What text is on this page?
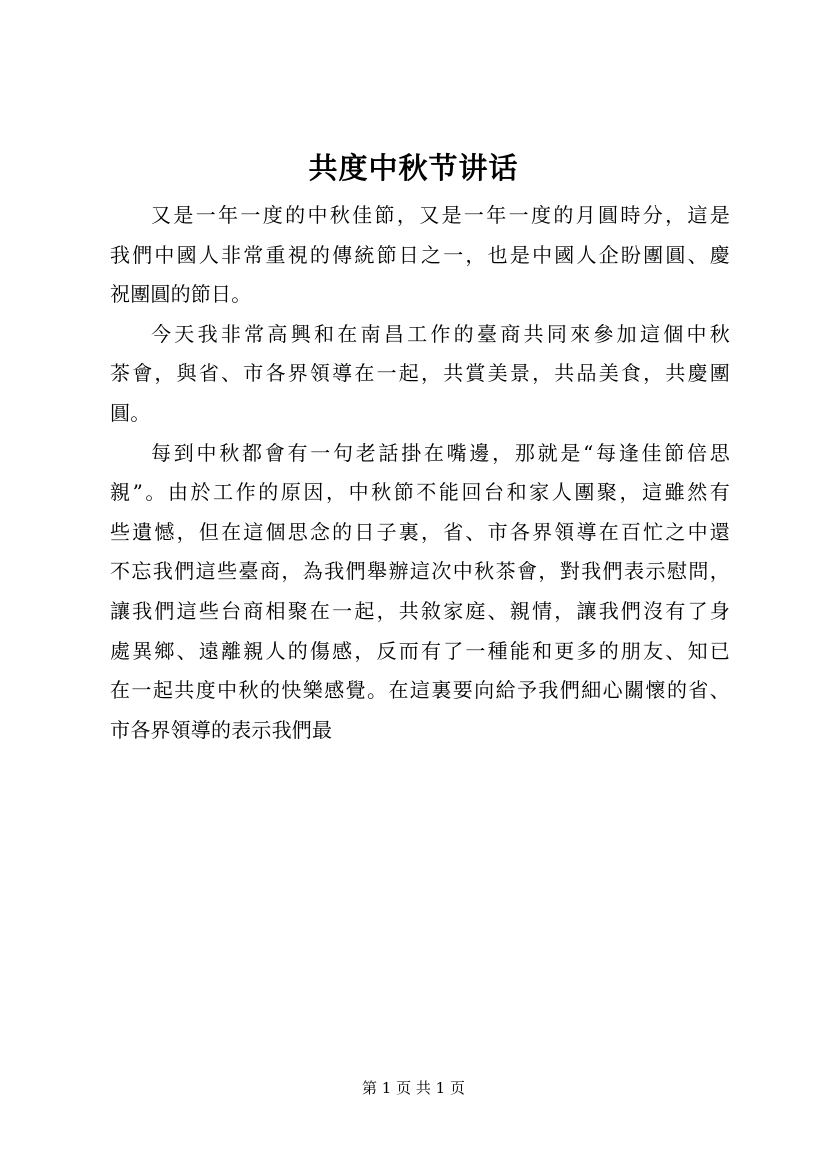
共度中秋节讲话
又是一年一度的中秋佳節，又是一年一度的月圓時分，這是
我們中國人非常重視的傳統節日之一，也是中國人企盼團圓、慶
祝團圓的節日。
今天我非常高興和在南昌工作的臺商共同來參加這個中秋
茶會，與省、市各界領導在一起，共賞美景，共品美食，共慶團
圓。
每到中秋都會有一句老話掛在嘴邊，那就是“每逢佳節倍思
親”。由於工作的原因，中秋節不能回台和家人團聚，這雖然有
些遺憾，但在這個思念的日子裏，省、市各界領導在百忙之中還
不忘我們這些臺商，為我們舉辦這次中秋茶會，對我們表示慰問，
讓我們這些台商相聚在一起，共敘家庭、親情，讓我們沒有了身
處異鄉、遠離親人的傷感，反而有了一種能和更多的朋友、知已
在一起共度中秋的快樂感覺。在這裏要向給予我們細心關懷的省、
市各界領導的表示我們最
第 1 页 共 1 页
